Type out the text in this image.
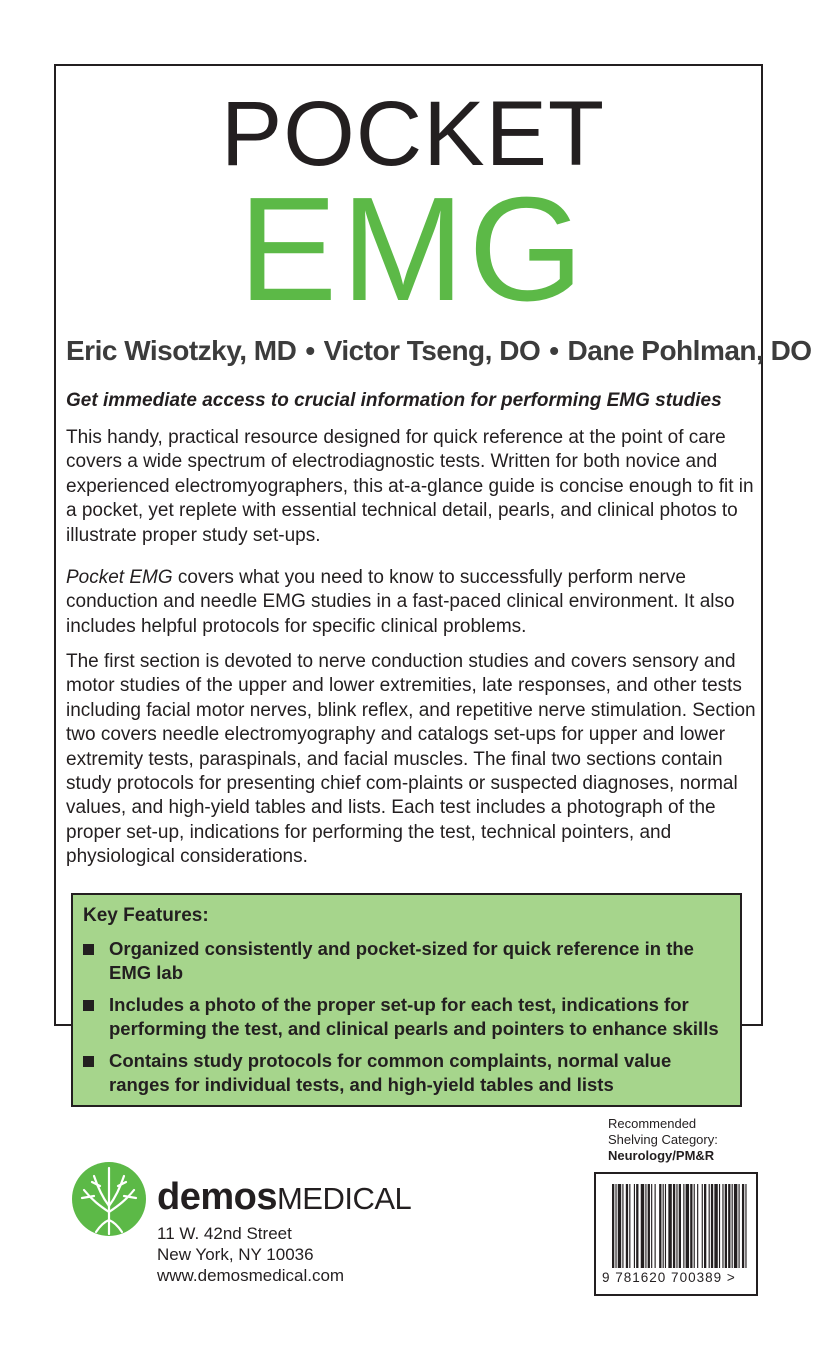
POCKET
EMG
Eric Wisotzky, MD • Victor Tseng, DO • Dane Pohlman, DO
Get immediate access to crucial information for performing EMG studies

This handy, practical resource designed for quick reference at the point of care covers a wide spectrum of electrodiagnostic tests. Written for both novice and experienced electromyographers, this at-a-glance guide is concise enough to fit in a pocket, yet replete with essential technical detail, pearls, and clinical photos to illustrate proper study set-ups.

Pocket EMG covers what you need to know to successfully perform nerve conduction and needle EMG studies in a fast-paced clinical environment. It also includes helpful protocols for specific clinical problems.

The first section is devoted to nerve conduction studies and covers sensory and motor studies of the upper and lower extremities, late responses, and other tests including facial motor nerves, blink reflex, and repetitive nerve stimulation. Section two covers needle electromyography and catalogs set-ups for upper and lower extremity tests, paraspinals, and facial muscles. The final two sections contain study protocols for presenting chief com-plaints or suspected diagnoses, normal values, and high-yield tables and lists. Each test includes a photograph of the proper set-up, indications for performing the test, technical pointers, and physiological considerations.

Key Features:
Organized consistently and pocket-sized for quick reference in the EMG lab
Includes a photo of the proper set-up for each test, indications for performing the test, and clinical pearls and pointers to enhance skills
Contains study protocols for common complaints, normal value ranges for individual tests, and high-yield tables and lists
Recommended
Shelving Category:
Neurology/PM&R
9 781620 700389 >
demosMEDICAL
11 W. 42nd Street
New York, NY 10036
www.demosmedical.com
